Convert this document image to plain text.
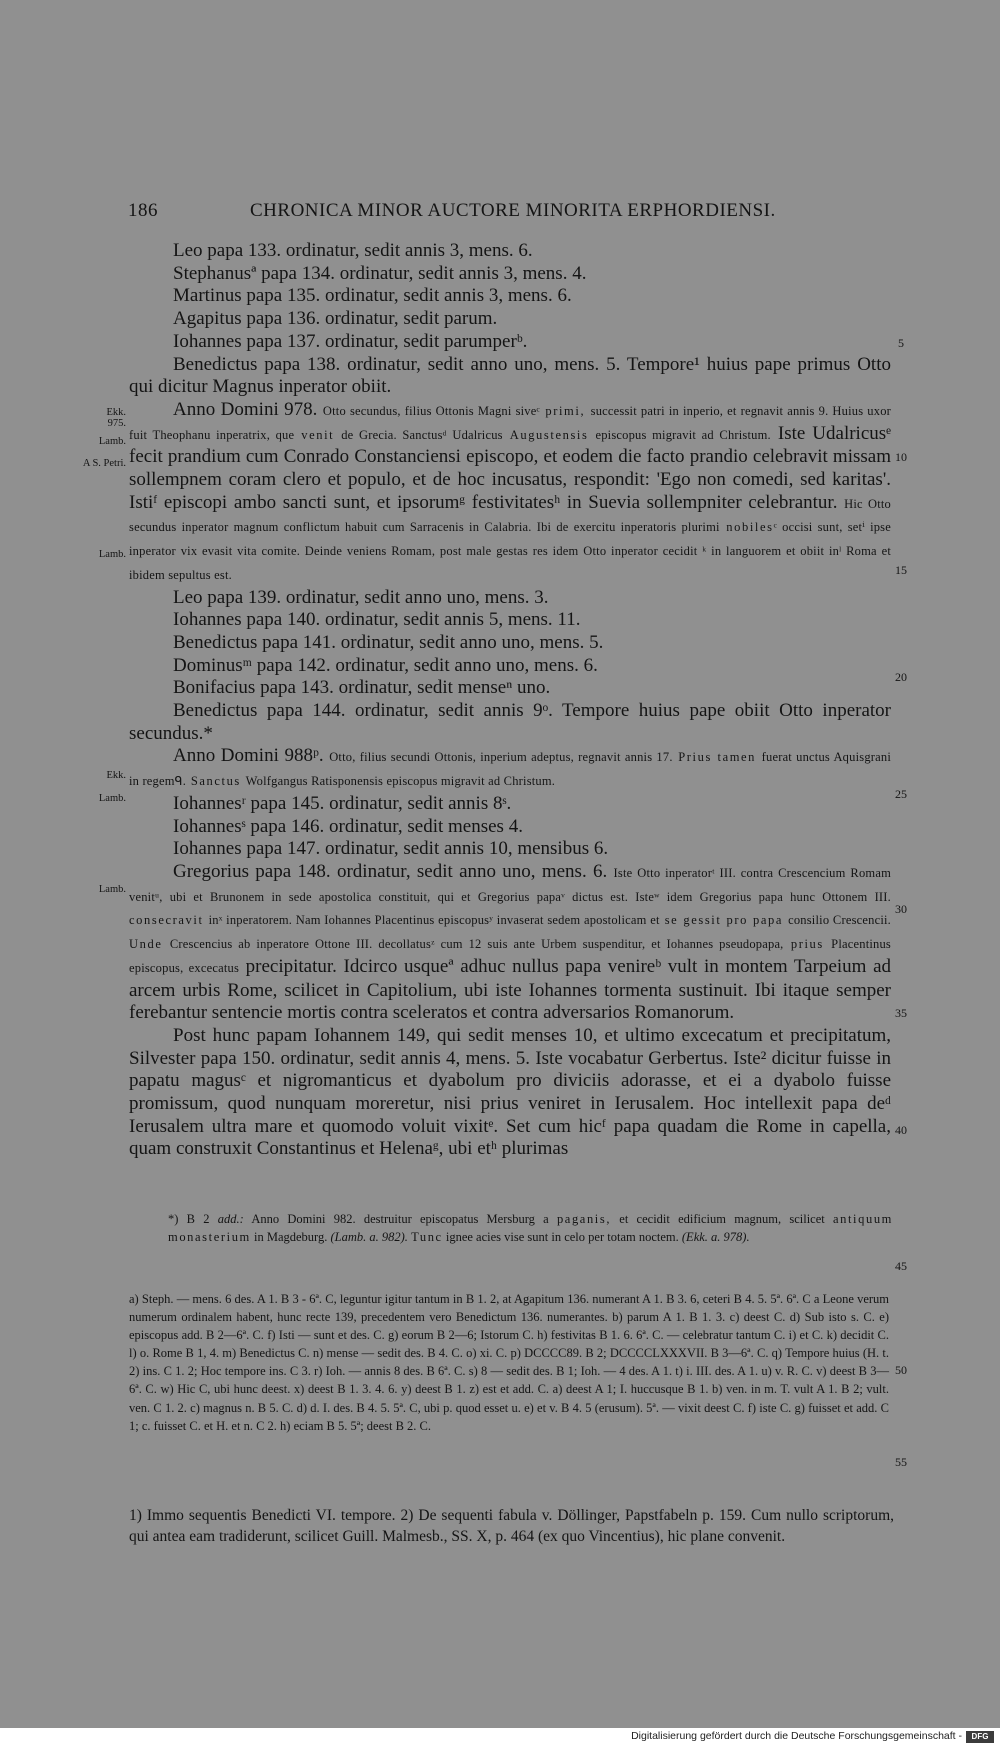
186	CHRONICA MINOR AUCTORE MINORITA ERPHORDIENSI.

Leo papa 133. ordinatur, sedit annis 3, mens. 6.

Stephanusª papa 134. ordinatur, sedit annis 3, mens. 4.

Martinus papa 135. ordinatur, sedit annis 3, mens. 6.

Agapitus papa 136. ordinatur, sedit parum.

Iohannes papa 137. ordinatur, sedit parumperᵇ.

Benedictus papa 138. ordinatur, sedit anno uno, mens. 5. Tempore¹ huius pape primus Otto qui dicitur Magnus inperator obiit.

Anno Domini 978. Otto secundus, filius Ottonis Magni siveᶜ primi, successit patri in inperio, et regnavit annis 9. Huius uxor fuit Theophanu inperatrix, que venit de Grecia. Sanctusᵈ Udalricus Augustensis episcopus migravit ad Christum. Iste Udalricusᵉ fecit prandium cum Conrado Constanciensi episcopo, et eodem die facto prandio celebravit missam sollempnem coram clero et populo, et de hoc incusatus, respondit: 'Ego non comedi, sed karitas'. Istiᶠ episcopi ambo sancti sunt, et ipsorumᵍ festivitatesʰ in Suevia sollempniter celebrantur. Hic Otto secundus inperator magnum conflictum habuit cum Sarracenis in Calabria. Ibi de exercitu inperatoris plurimi nobilesᶜ occisi sunt, setⁱ ipse inperator vix evasit vita comite. Deinde veniens Romam, post male gestas res idem Otto inperator cecidit ᵏ in languorem et obiit inˡ Roma et ibidem sepultus est.

Leo papa 139. ordinatur, sedit anno uno, mens. 3.

Iohannes papa 140. ordinatur, sedit annis 5, mens. 11.

Benedictus papa 141. ordinatur, sedit anno uno, mens. 5.

Dominusᵐ papa 142. ordinatur, sedit anno uno, mens. 6.

Bonifacius papa 143. ordinatur, sedit menseⁿ uno.

Benedictus papa 144. ordinatur, sedit annis 9ᵒ. Tempore huius pape obiit Otto inperator secundus.*

Anno Domini 988ᵖ. Otto, filius secundi Ottonis, inperium adeptus, regnavit annis 17. Prius tamen fuerat unctus Aquisgrani in regemᑫ. Sanctus Wolfgangus Ratisponensis episcopus migravit ad Christum.

Iohannesʳ papa 145. ordinatur, sedit annis 8ˢ.

Iohannesˢ papa 146. ordinatur, sedit menses 4.

Iohannes papa 147. ordinatur, sedit annis 10, mensibus 6.

Gregorius papa 148. ordinatur, sedit anno uno, mens. 6. Iste Otto inperatorᵗ III. contra Crescencium Romam venitᵘ, ubi et Brunonem in sede apostolica constituit, qui et Gregorius papaᵛ dictus est. Isteʷ idem Gregorius papa hunc Ottonem III. consecravit inˣ inperatorem. Nam Iohannes Placentinus episcopusʸ invaserat sedem apostolicam et se gessit pro papa consilio Crescencii. Unde Crescencius ab inperatore Ottone III. decollatusᶻ cum 12 suis ante Urbem suspenditur, et Iohannes pseudopapa, prius Placentinus episcopus, excecatus precipitatur. Idcirco usqueª adhuc nullus papa venireᵇ vult in montem Tarpeium ad arcem urbis Rome, scilicet in Capitolium, ubi iste Iohannes tormenta sustinuit. Ibi itaque semper ferebantur sentencie mortis contra sceleratos et contra adversarios Romanorum.

Post hunc papam Iohannem 149, qui sedit menses 10, et ultimo excecatum et precipitatum, Silvester papa 150. ordinatur, sedit annis 4, mens. 5. Iste vocabatur Gerbertus. Iste² dicitur fuisse in papatu magusᶜ et nigromanticus et dyabolum pro diviciis adorasse, et ei a dyabolo fuisse promissum, quod nunquam moreretur, nisi prius veniret in Ierusalem. Hoc intellexit papa deᵈ Ierusalem ultra mare et quomodo voluit vixitᵉ. Set cum hicᶠ papa quadam die Rome in capella, quam construxit Constantinus et Helenaᵍ, ubi etʰ plurimas

Ekk.
975.
Lamb.
A S. Petri.
Lamb.
Ekk.
Lamb.
Lamb.
5
10
15
20
25
30
35
40
45
50
55

*) B 2 add.: Anno Domini 982. destruitur episcopatus Mersburg a paganis, et cecidit edificium magnum, scilicet antiquum monasterium in Magdeburg. (Lamb. a. 982). Tunc ignee acies vise sunt in celo per totam noctem. (Ekk. a. 978).

a) Steph. — mens. 6 des. A 1. B 3 - 6ª. C, leguntur igitur tantum in B 1. 2, at Agapitum 136. numerant A 1. B 3. 6, ceteri B 4. 5. 5ª. 6ª. C a Leone verum numerum ordinalem habent, hunc recte 139, precedentem vero Benedictum 136. numerantes. b) parum A 1. B 1. 3. c) deest C. d) Sub isto s. C. e) episcopus add. B 2—6ª. C. f) Isti — sunt et des. C. g) eorum B 2—6; Istorum C. h) festivitas B 1. 6. 6ª. C. — celebratur tantum C. i) et C. k) decidit C. l) o. Rome B 1, 4. m) Benedictus C. n) mense — sedit des. B 4. C. o) xi. C. p) DCCCC89. B 2; DCCCCLXXXVII. B 3—6ª. C. q) Tempore huius (H. t. 2) ins. C 1. 2; Hoc tempore ins. C 3. r) Ioh. — annis 8 des. B 6ª. C. s) 8 — sedit des. B 1; Ioh. — 4 des. A 1. t) i. III. des. A 1. u) v. R. C. v) deest B 3—6ª. C. w) Hic C, ubi hunc deest. x) deest B 1. 3. 4. 6. y) deest B 1. z) est et add. C. a) deest A 1; I. huccusque B 1. b) ven. in m. T. vult A 1. B 2; vult. ven. C 1. 2. c) magnus n. B 5. C. d) d. I. des. B 4. 5. 5ª. C, ubi p. quod esset u. e) et v. B 4. 5 (erusum). 5ª. — vixit deest C. f) iste C. g) fuisset et add. C 1; c. fuisset C. et H. et n. C 2. h) eciam B 5. 5ª; deest B 2. C.

1) Immo sequentis Benedicti VI. tempore. 2) De sequenti fabula v. Döllinger, Papstfabeln p. 159. Cum nullo scriptorum, qui antea eam tradiderunt, scilicet Guill. Malmesb., SS. X, p. 464 (ex quo Vincentius), hic plane convenit.

Digitalisierung gefördert durch die Deutsche Forschungsgemeinschaft -	DFG
